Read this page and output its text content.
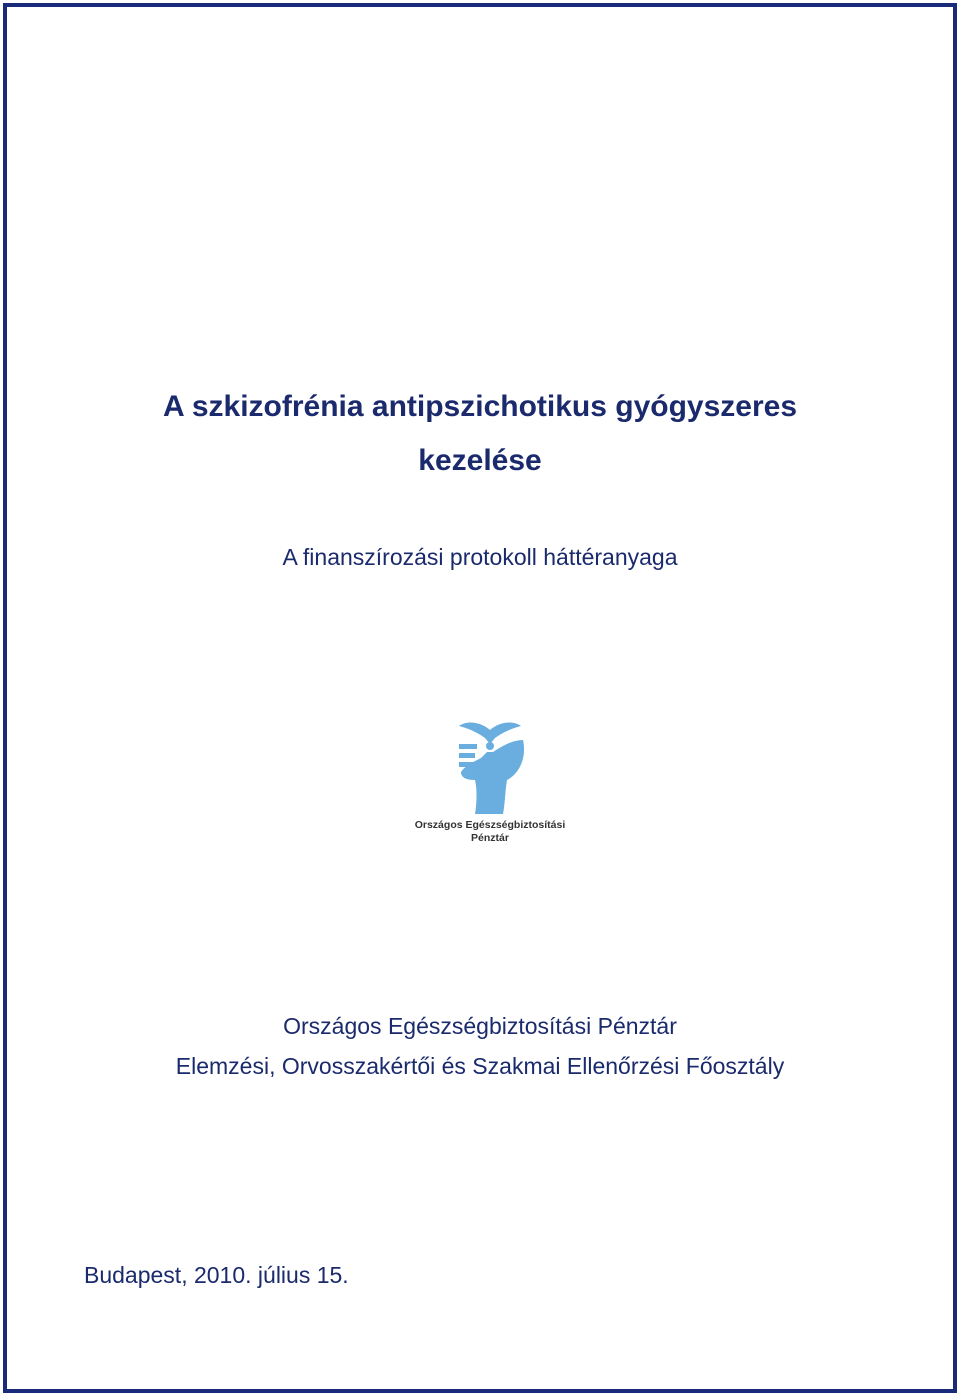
A szkizofrénia antipszichotikus gyógyszeres
kezelése
A finanszírozási protokoll háttéranyaga
Országos Egészségbiztosítási
Pénztár
Országos Egészségbiztosítási Pénztár
Elemzési, Orvosszakértői és Szakmai Ellenőrzési Főosztály
Budapest, 2010. július 15.
